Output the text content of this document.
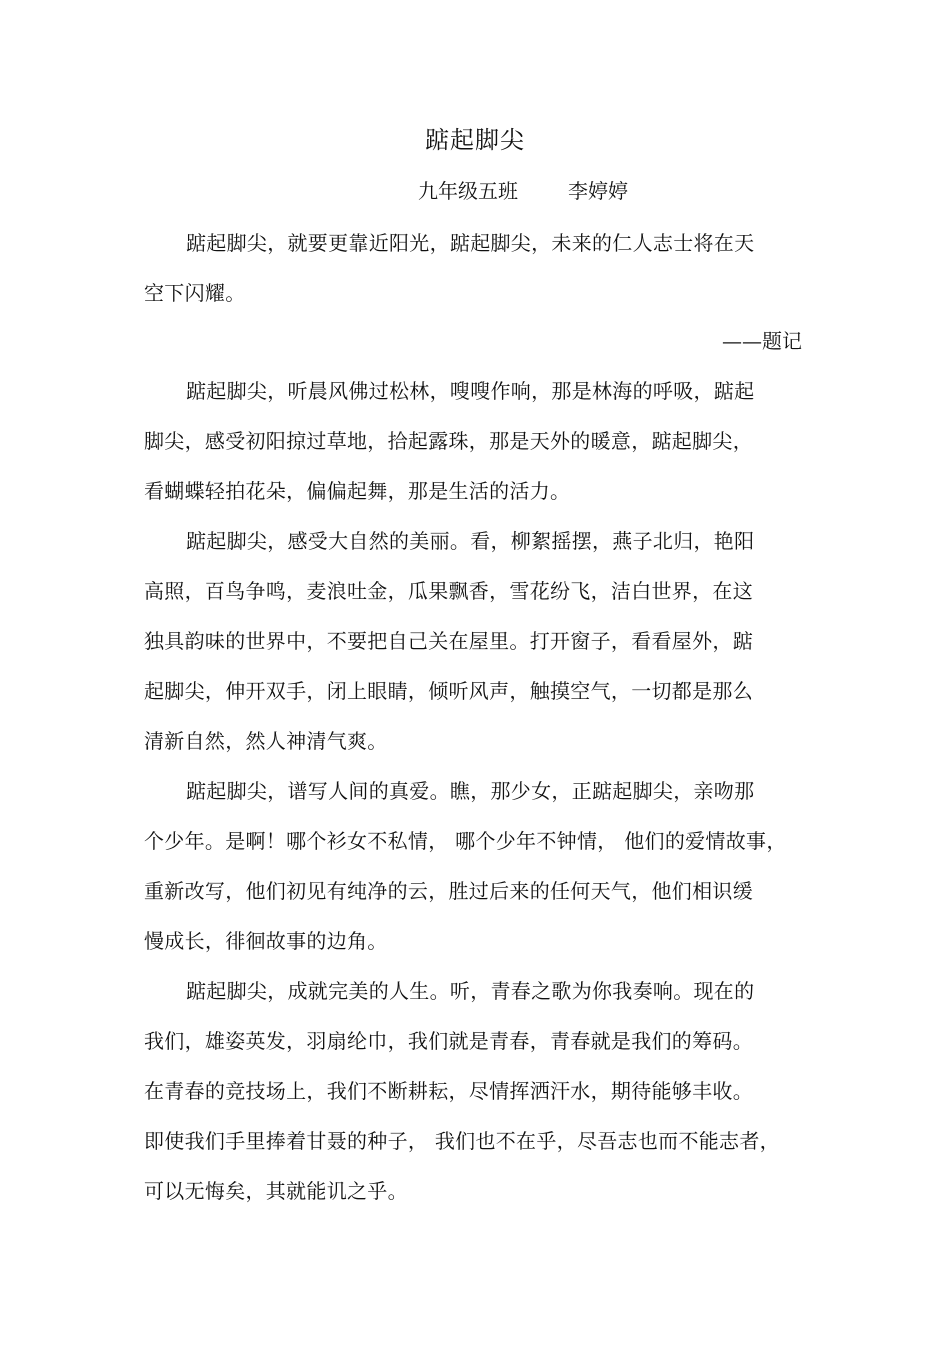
踮起脚尖
九年级五班	李婷婷
踮起脚尖，就要更靠近阳光，踮起脚尖，未来的仁人志士将在天
空下闪耀。
——题记
踮起脚尖，听晨风佛过松林，嗖嗖作响，那是林海的呼吸，踮起
脚尖，感受初阳掠过草地，拾起露珠，那是天外的暖意，踮起脚尖，
看蝴蝶轻拍花朵，偏偏起舞，那是生活的活力。
踮起脚尖，感受大自然的美丽。看，柳絮摇摆，燕子北归，艳阳
高照，百鸟争鸣，麦浪吐金，瓜果飘香，雪花纷飞，洁白世界，在这
独具韵味的世界中，不要把自己关在屋里。打开窗子，看看屋外，踮
起脚尖，伸开双手，闭上眼睛，倾听风声，触摸空气，一切都是那么
清新自然，然人神清气爽。
踮起脚尖，谱写人间的真爱。瞧，那少女，正踮起脚尖，亲吻那
个少年。是啊！哪个衫女不私情， 哪个少年不钟情， 他们的爱情故事，
重新改写，他们初见有纯净的云，胜过后来的任何天气，他们相识缓
慢成长，徘徊故事的边角。
踮起脚尖，成就完美的人生。听，青春之歌为你我奏响。现在的
我们，雄姿英发，羽扇纶巾，我们就是青春，青春就是我们的筹码。
在青春的竞技场上，我们不断耕耘，尽情挥洒汗水，期待能够丰收。
即使我们手里捧着甘聂的种子， 我们也不在乎，尽吾志也而不能志者，
可以无悔矣，其就能讥之乎。
